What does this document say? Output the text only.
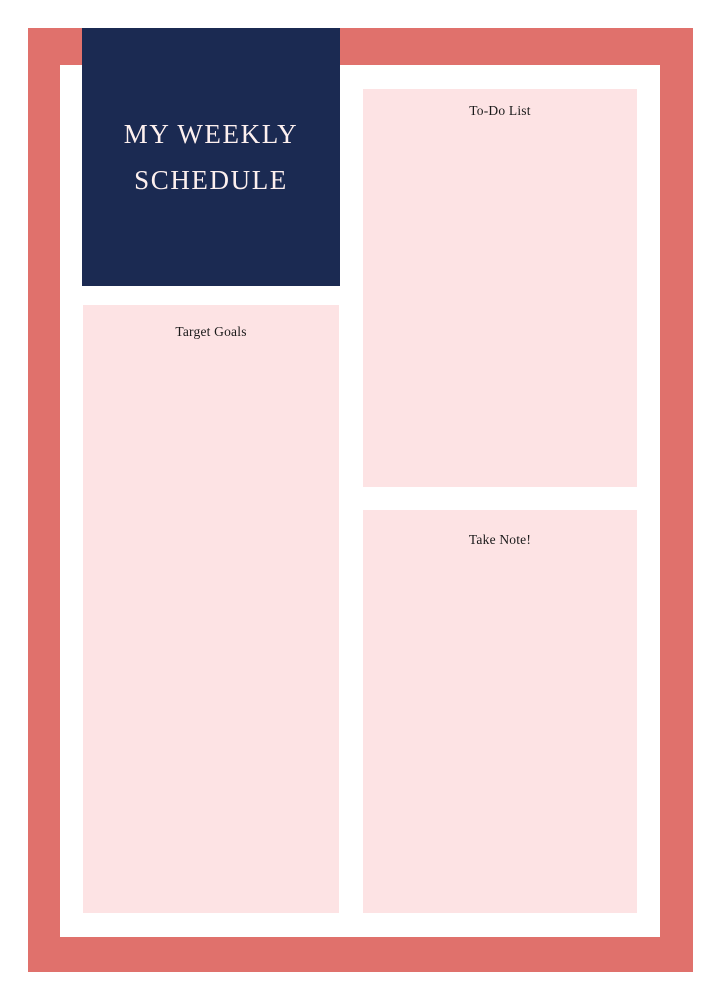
MY WEEKLY
SCHEDULE
Target Goals
To-Do List
Take Note!
